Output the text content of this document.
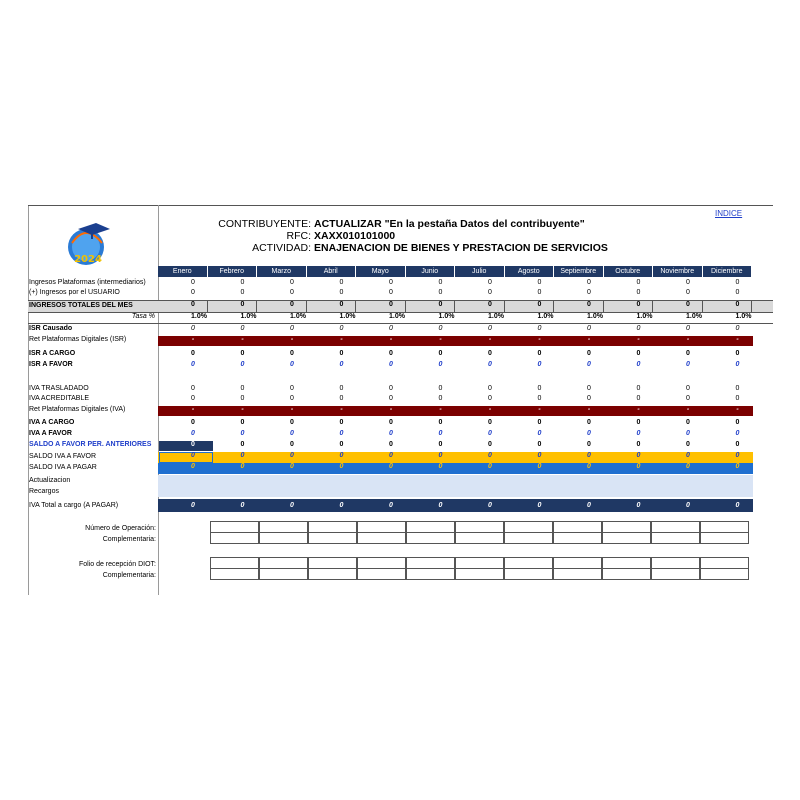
2024
CONTRIBUYENTE: ACTUALIZAR "En la pestaña Datos del contribuyente"
RFC: XAXX010101000
ACTIVIDAD: ENAJENACION DE BIENES Y PRESTACION DE SERVICIOS
INDICE
Enero	Febrero	Marzo	Abril	Mayo	Junio	Julio	Agosto	Septiembre	Octubre	Noviembre	Diciembre
Ingresos Plataformas (intermediarios)	0	0	0	0	0	0	0	0	0	0	0	0
(+) Ingresos por el USUARIO	0	0	0	0	0	0	0	0	0	0	0	0
INGRESOS TOTALES DEL MES	0	0	0	0	0	0	0	0	0	0	0	0
Tasa %	1.0%	1.0%	1.0%	1.0%	1.0%	1.0%	1.0%	1.0%	1.0%	1.0%	1.0%	1.0%
ISR Causado	0	0	0	0	0	0	0	0	0	0	0	0
Ret Plataformas Digitales (ISR)	-	-	-	-	-	-	-	-	-	-	-	-
ISR A CARGO	0	0	0	0	0	0	0	0	0	0	0	0
ISR A FAVOR	0	0	0	0	0	0	0	0	0	0	0	0
IVA TRASLADADO	0	0	0	0	0	0	0	0	0	0	0	0
IVA ACREDITABLE	0	0	0	0	0	0	0	0	0	0	0	0
Ret Plataformas Digitales (IVA)	-	-	-	-	-	-	-	-	-	-	-	-
IVA A CARGO	0	0	0	0	0	0	0	0	0	0	0	0
IVA A FAVOR	0	0	0	0	0	0	0	0	0	0	0	0
SALDO A FAVOR PER. ANTERIORES	0	0	0	0	0	0	0	0	0	0	0	0
SALDO IVA A FAVOR	0	0	0	0	0	0	0	0	0	0	0	0
SALDO IVA A PAGAR	0	0	0	0	0	0	0	0	0	0	0	0
Actualizacion
Recargos
IVA Total a cargo (A PAGAR)	0	0	0	0	0	0	0	0	0	0	0	0
Número de Operación:
Complementaria:
Folio de recepción DIOT:
Complementaria:
